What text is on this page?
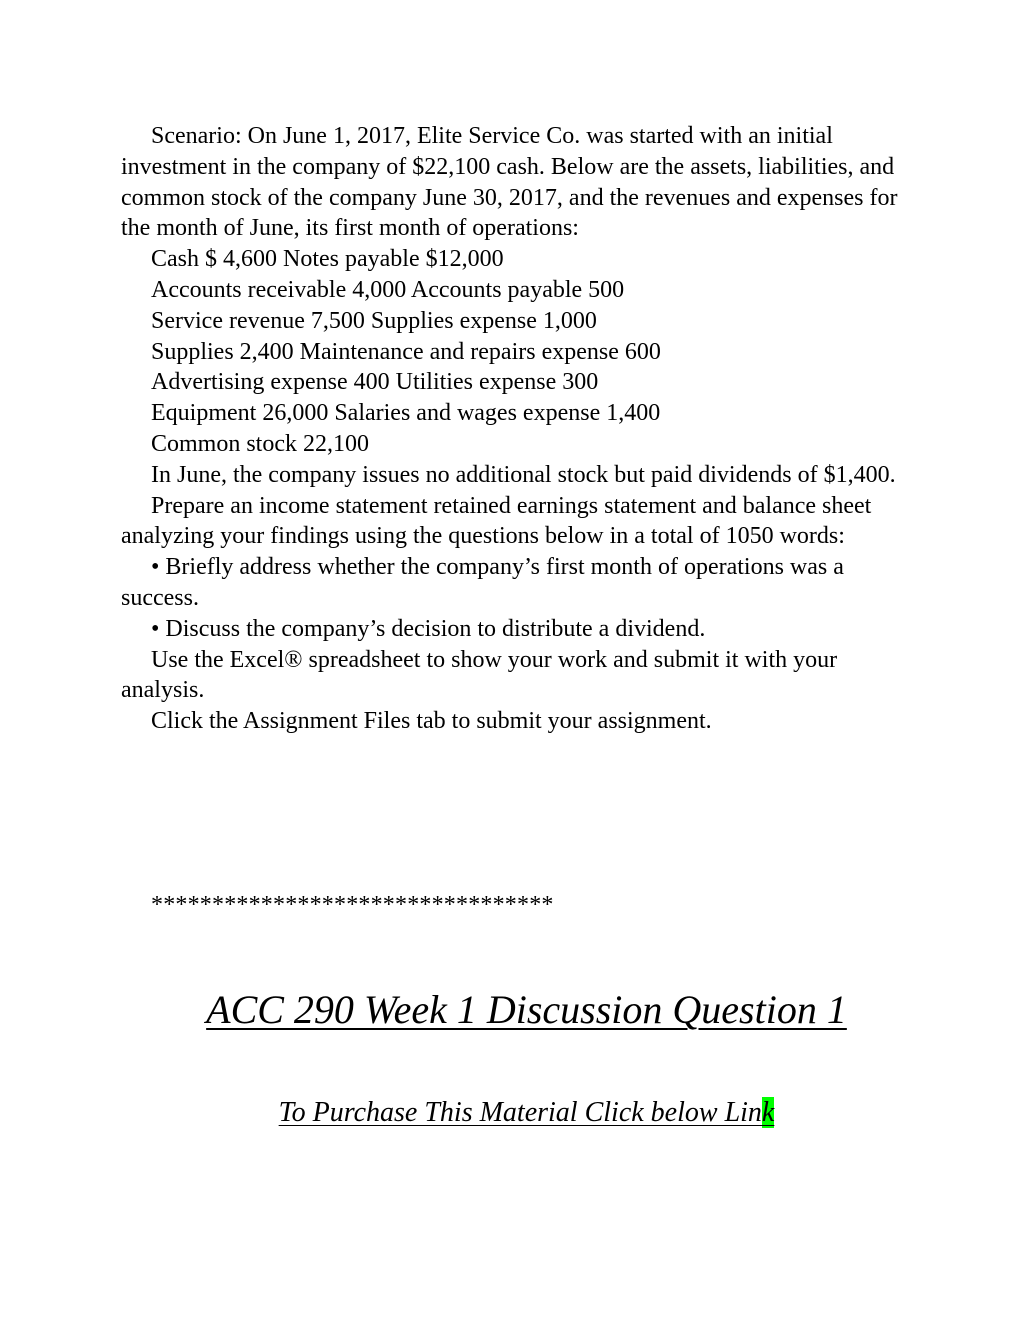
Scenario: On June 1, 2017, Elite Service Co. was started with an initial investment in the company of $22,100 cash. Below are the assets, liabilities, and common stock of the company June 30, 2017, and the revenues and expenses for the month of June, its first month of operations:

Cash $ 4,600 Notes payable $12,000

Accounts receivable 4,000 Accounts payable 500

Service revenue 7,500 Supplies expense 1,000

Supplies 2,400 Maintenance and repairs expense 600

Advertising expense 400 Utilities expense 300

Equipment 26,000 Salaries and wages expense 1,400

Common stock 22,100

In June, the company issues no additional stock but paid dividends of $1,400.

Prepare an income statement retained earnings statement and balance sheet analyzing your findings using the questions below in a total of 1050 words:

• Briefly address whether the company’s first month of operations was a success.

• Discuss the company’s decision to distribute a dividend.

Use the Excel® spreadsheet to show your work and submit it with your analysis.

Click the Assignment Files tab to submit your assignment.

*********************************
ACC 290 Week 1 Discussion Question 1
To Purchase This Material Click below Link
